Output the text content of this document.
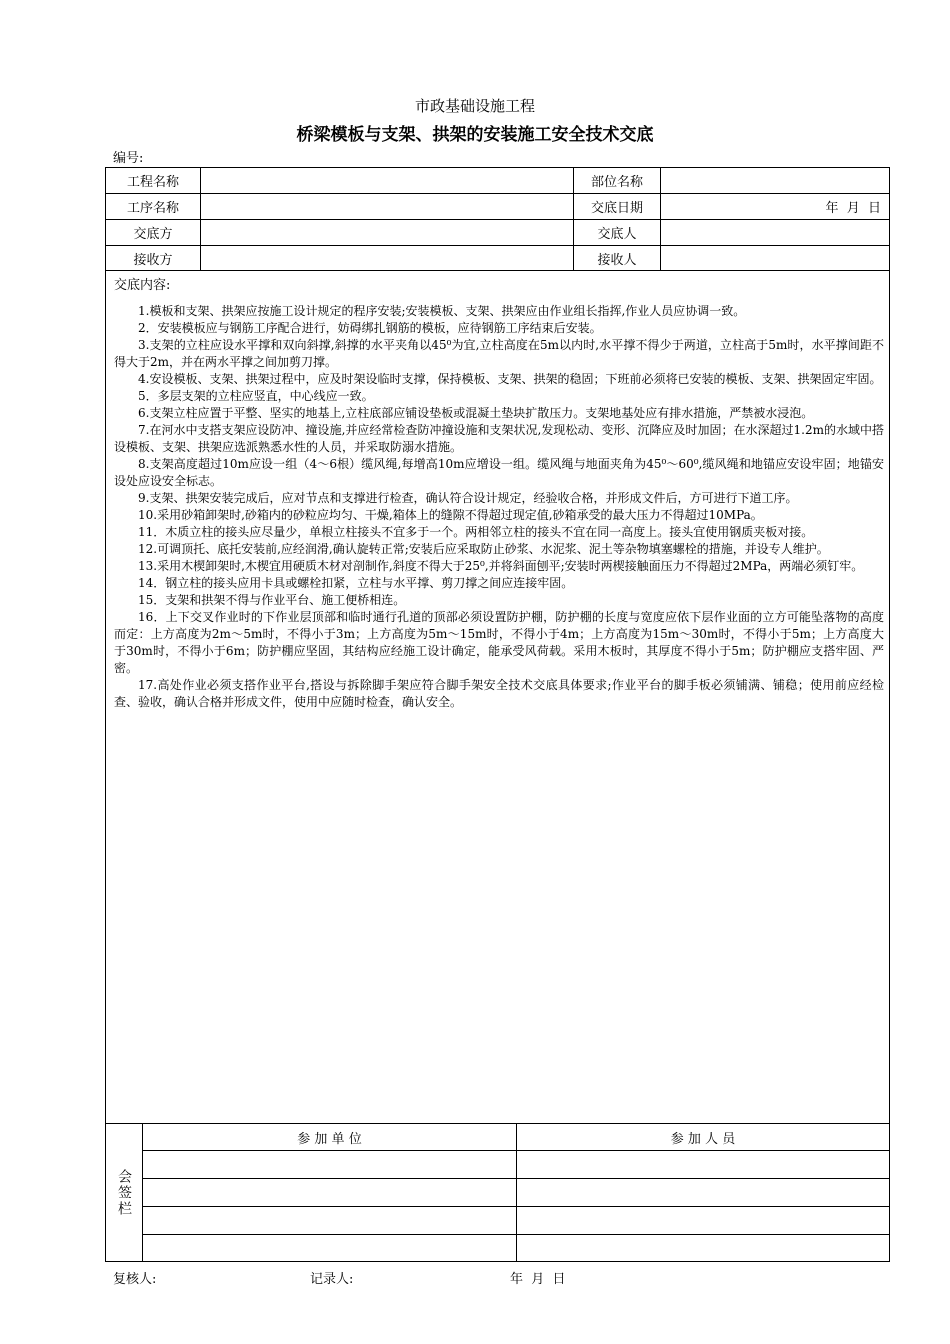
市政基础设施工程
桥梁模板与支架、拱架的安装施工安全技术交底
编号:
工程名称	部位名称
工序名称	交底日期	年  月  日
交底方	交底人
接收方	接收人
交底内容:

1.模板和支架、拱架应按施工设计规定的程序安装;安装模板、支架、拱架应由作业组长指挥,作业人员应协调一致。

2．安装模板应与钢筋工序配合进行，妨碍绑扎钢筋的模板，应待钢筋工序结束后安装。

3.支架的立柱应设水平撑和双向斜撑,斜撑的水平夹角以45⁰为宜,立柱高度在5m以内时,水平撑不得少于两道，立柱高于5m时，水平撑间距不得大于2m，并在两水平撑之间加剪刀撑。

4.安设模板、支架、拱架过程中，应及时架设临时支撑，保持模板、支架、拱架的稳固；下班前必须将已安装的模板、支架、拱架固定牢固。

5．多层支架的立柱应竖直，中心线应一致。

6.支架立柱应置于平整、坚实的地基上,立柱底部应铺设垫板或混凝土垫块扩散压力。支架地基处应有排水措施，严禁被水浸泡。

7.在河水中支搭支架应设防冲、撞设施,并应经常检查防冲撞设施和支架状况,发现松动、变形、沉降应及时加固；在水深超过1.2m的水域中搭设模板、支架、拱架应选派熟悉水性的人员，并采取防溺水措施。

8.支架高度超过10m应设一组（4～6根）缆风绳,每增高10m应增设一组。缆风绳与地面夹角为45⁰～60⁰,缆风绳和地锚应安设牢固；地锚安设处应设安全标志。

9.支架、拱架安装完成后，应对节点和支撑进行检查，确认符合设计规定，经验收合格，并形成文件后，方可进行下道工序。

10.采用砂箱卸架时,砂箱内的砂粒应均匀、干燥,箱体上的缝隙不得超过现定值,砂箱承受的最大压力不得超过10MPa。

11．木质立柱的接头应尽量少，单根立柱接头不宜多于一个。两相邻立柱的接头不宜在同一高度上。接头宜使用钢质夹板对接。

12.可调顶托、底托安装前,应经润滑,确认旋转正常;安装后应采取防止砂浆、水泥浆、泥土等杂物填塞螺栓的措施，并设专人维护。

13.采用木楔卸架时,木楔宜用硬质木材对剖制作,斜度不得大于25⁰,并将斜面刨平;安装时两楔接触面压力不得超过2MPa，两端必须钉牢。

14．钢立柱的接头应用卡具或螺栓扣紧，立柱与水平撑、剪刀撑之间应连接牢固。

15．支架和拱架不得与作业平台、施工便桥相连。

16．上下交叉作业时的下作业层顶部和临时通行孔道的顶部必须设置防护棚，防护棚的长度与宽度应依下层作业面的立方可能坠落物的高度而定：上方高度为2m～5m时，不得小于3m；上方高度为5m～15m时，不得小于4m；上方高度为15m～30m时，不得小于5m；上方高度大于30m时，不得小于6m；防护棚应坚固，其结构应经施工设计确定，能承受风荷载。采用木板时，其厚度不得小于5m；防护棚应支搭牢固、严密。

17.高处作业必须支搭作业平台,搭设与拆除脚手架应符合脚手架安全技术交底具体要求;作业平台的脚手板必须铺满、铺稳；使用前应经检查、验收，确认合格并形成文件，使用中应随时检查，确认安全。

会签栏
参 加 单 位	参 加 人 员
复核人:	记录人:	年  月  日
